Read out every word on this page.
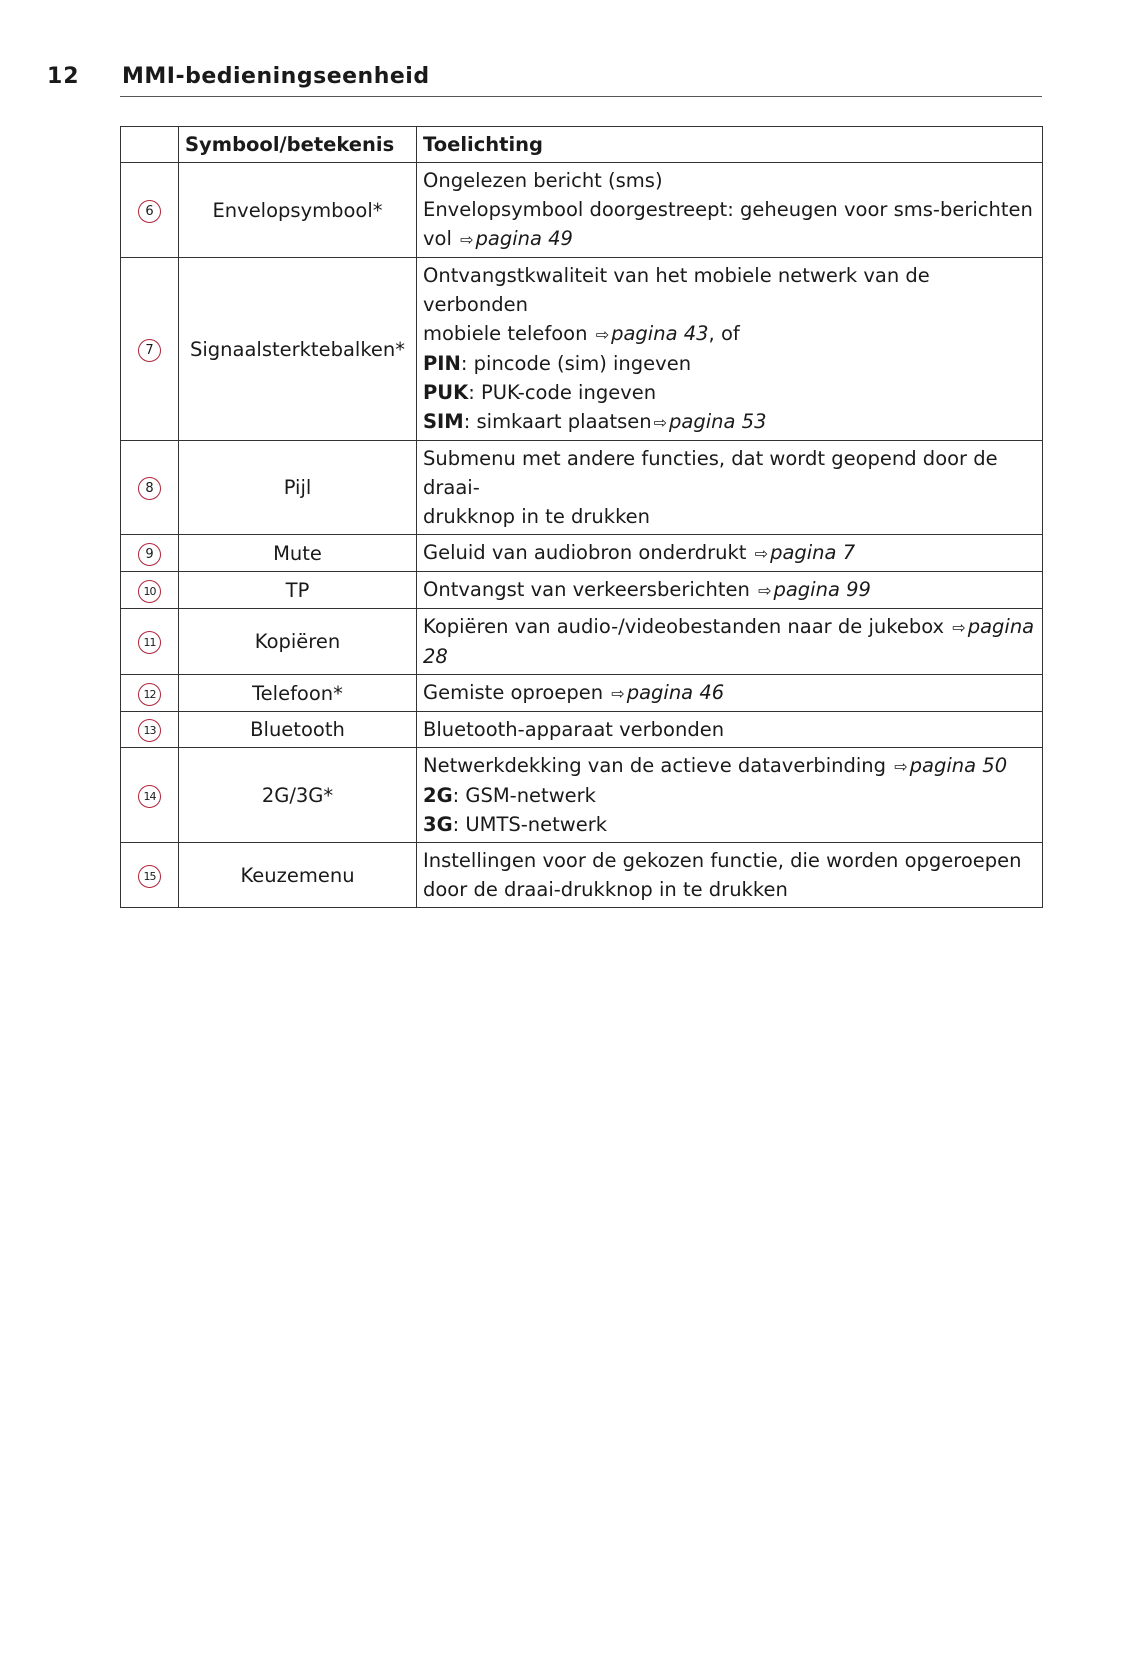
12 MMI-bedieningseenheid
	Symbool/betekenis	Toelichting
6	Envelopsymbool*	Ongelezen bericht (sms)
Envelopsymbool doorgestreept: geheugen voor sms-berichten
vol ⇨ pagina 49

7	Signaalsterktebalken*	Ontvangstkwaliteit van het mobiele netwerk van de verbonden
mobiele telefoon ⇨ pagina 43, of
PIN: pincode (sim) ingeven
PUK: PUK-code ingeven
SIM: simkaart plaatsen ⇨ pagina 53

8	Pijl	Submenu met andere functies, dat wordt geopend door de draai-
drukknop in te drukken

9	Mute	Geluid van audiobron onderdrukt ⇨ pagina 7
10	TP	Ontvangst van verkeersberichten ⇨ pagina 99
11	Kopiëren	Kopiëren van audio-/videobestanden naar de jukebox ⇨ pagina
28

12	Telefoon*	Gemiste oproepen ⇨ pagina 46
13	Bluetooth	Bluetooth-apparaat verbonden
14	2G/3G*	Netwerkdekking van de actieve dataverbinding ⇨ pagina 50
2G: GSM-netwerk
3G: UMTS-netwerk

15	Keuzemenu	Instellingen voor de gekozen functie, die worden opgeroepen
door de draai-drukknop in te drukken
